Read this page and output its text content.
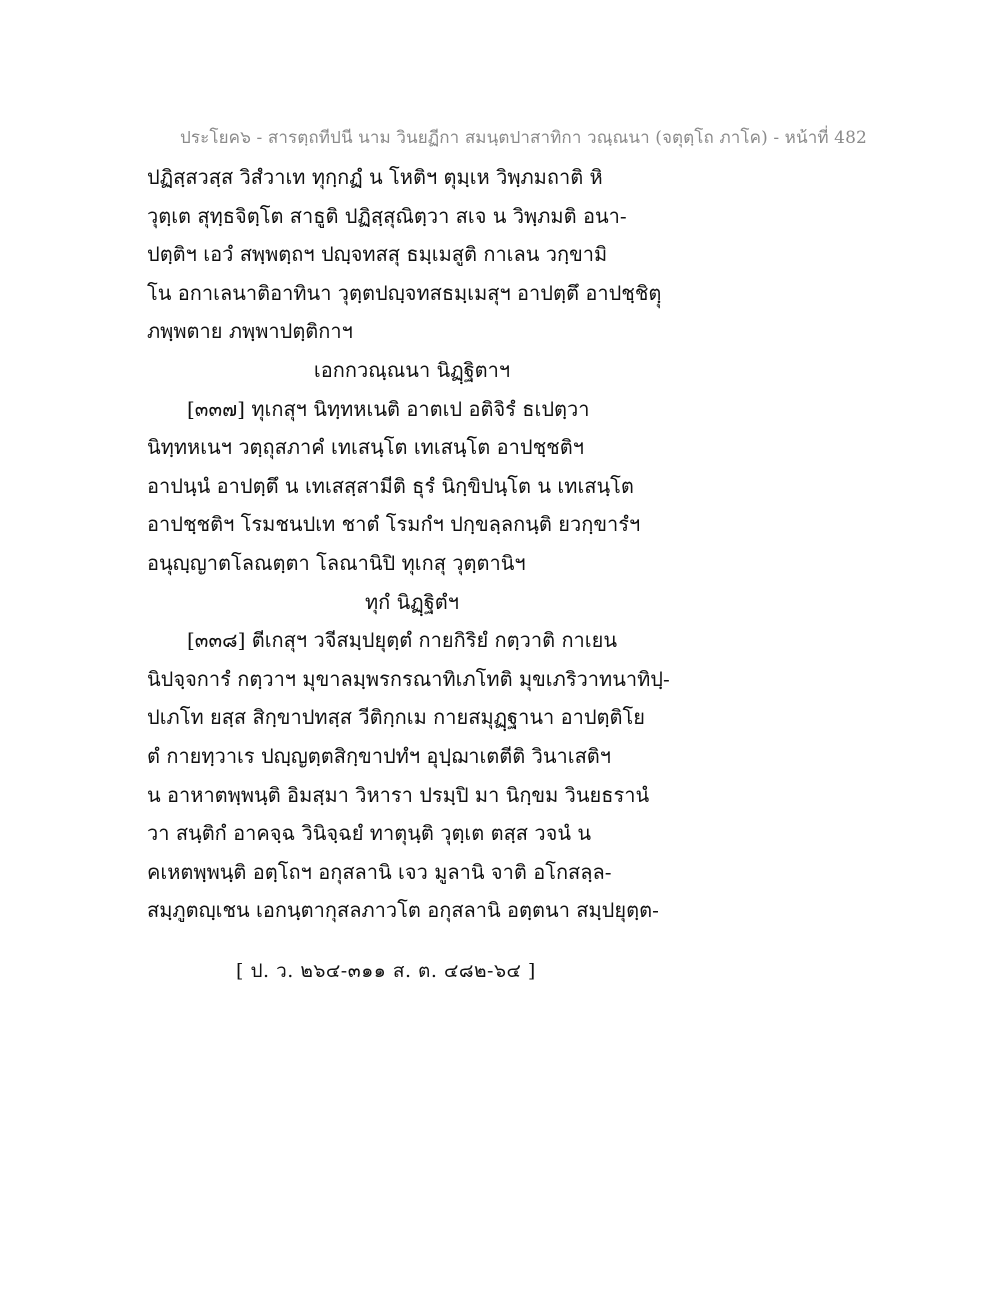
ประโยค๖ - สารตฺถทีปนี นาม วินยฏีกา สมนฺตปาสาทิกา วณฺณนา (จตุตฺโถ ภาโค) - หน้าที่ 482
ปฏิสฺสวสฺส วิสํวาเท ทุกฺกฏํ น โหติฯ ตุมฺเห วิพฺภมถาติ หิ
วุตฺเต สุทฺธจิตฺโต สาธูติ ปฏิสฺสุณิตฺวา สเจ น วิพฺภมติ อนา-
ปตฺติฯ เอวํ สพฺพตฺถฯ ปญฺจทสสุ ธมฺเมสูติ กาเลน วกฺขามิ
โน อกาเลนาติอาทินา วุตฺตปญฺจทสธมฺเมสุฯ อาปตฺตึ อาปชฺชิตฺุ
ภพฺพตาย ภพฺพาปตฺติกาฯ
เอกกวณฺณนา นิฏฺฐิตาฯ
[๓๓๗] ทุเกสุฯ นิทฺทหเนติ อาตเป อติจิรํ ธเปตฺวา
นิทฺทหเนฯ วตฺถุสภาคํ เทเสนฺโต เทเสนฺโต อาปชฺชติฯ
อาปนฺนํ อาปตฺตึ น เทเสสฺสามีติ ธุรํ นิกฺขิปนฺโต น เทเสนฺโต
อาปชฺชติฯ โรมชนปเท ชาตํ โรมกํฯ ปกฺขลฺลกนฺติ ยวกฺขารํฯ
อนุญฺญาตโลณตฺตา โลณานิปิ ทุเกสุ วุตฺตานิฯ
ทุกํ นิฏฺฐิตํฯ
[๓๓๘] ตีเกสุฯ วจีสมฺปยุตฺตํ กายกิริยํ กตฺวาติ กาเยน
นิปจฺจการํ กตฺวาฯ มุขาลมฺพรกรณาทิเภโทติ มุขเภริวาทนาทิปฺ-
ปเภโท ยสฺส สิกฺขาปทสฺส วีติกฺกเม กายสมุฏฺฐานา อาปตฺติโย
ตํ กายทฺวาเร ปญฺญตฺตสิกฺขาปทํฯ อุปฺฌาเตตีติ วินาเสติฯ
น อาหาตพฺพนฺติ อิมสฺมา วิหารา ปรมฺปิ มา นิกฺขม วินยธรานํ
วา สนฺติกํ อาคจฺฉ วินิจฺฉยํ ทาตุนฺติ วุตฺเต ตสฺส วจนํ น
คเหตพฺพนฺติ อตฺโถฯ อกุสลานิ เจว มูลานิ จาติ อโกสลฺล-
สมฺภูตญฺเชน เอกนฺตากุสลภาวโต อกุสลานิ อตฺตนา สมฺปยุตฺต-
[ ป. ว. ๒๖๔-๓๑๑ ส. ต. ๔๘๒-๖๔ ]
